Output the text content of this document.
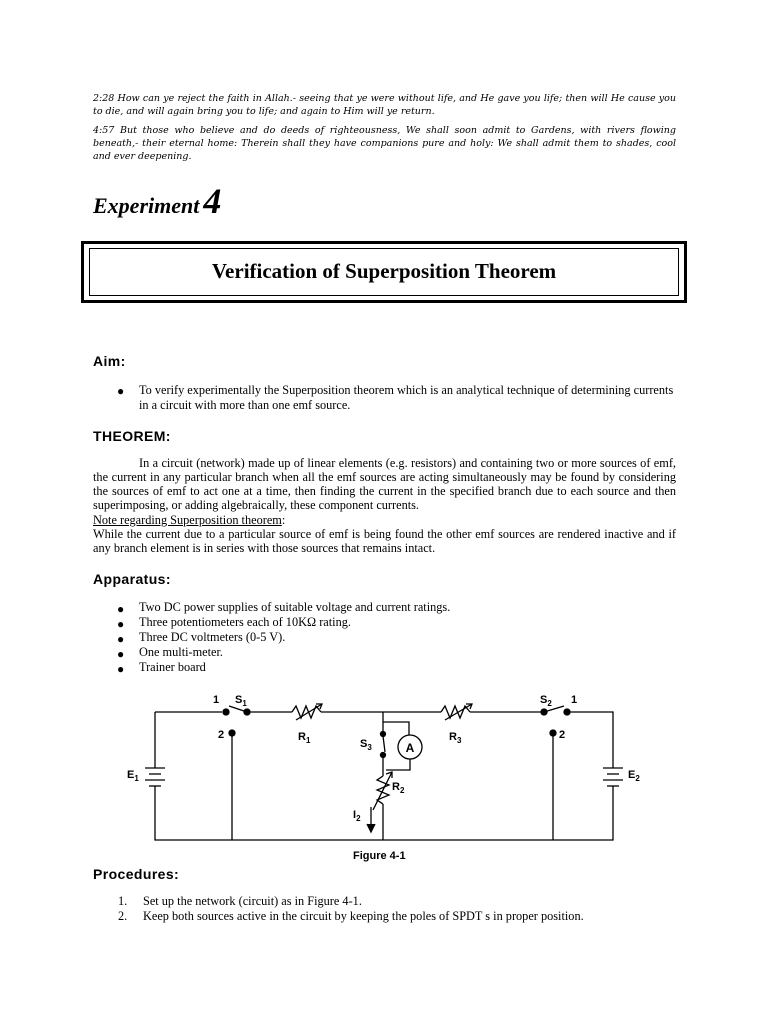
2:28 How can ye reject the faith in Allah.- seeing that ye were without life, and He gave you life; then will He cause you to die, and will again bring you to life; and again to Him will ye return.
4:57 But those who believe and do deeds of righteousness, We shall soon admit to Gardens, with rivers flowing beneath,- their eternal home: Therein shall they have companions pure and holy: We shall admit them to shades, cool and ever deepening.
Experiment 4
Verification of Superposition Theorem
Aim:
● To verify experimentally the Superposition theorem which is an analytical technique of determining currents in a circuit with more than one emf source.
THEOREM:
In a circuit (network) made up of linear elements (e.g. resistors) and containing two or more sources of emf, the current in any particular branch when all the emf sources are acting simultaneously may be found by considering the sources of emf to act one at a time, then finding the current in the specified branch due to each source and then superimposing, or adding algebraically, these component currents.
Note regarding Superposition theorem:
While the current due to a particular source of emf is being found the other emf sources are rendered inactive and if any branch element is in series with those sources that remains intact.
Apparatus:
● Two DC power supplies of suitable voltage and current ratings.
● Three potentiometers each of 10KΩ rating.
● Three DC voltmeters (0-5 V).
● One multi-meter.
● Trainer board
1 $S_1$
2	$R_1$	$S_3$
$R_3$
$S_2$ 1
2
$R_2$
$I_2$
$E_1$	$E_2$
A
Figure 4-1
Procedures:
1. Set up the network (circuit) as in Figure 4-1.
2. Keep both sources active in the circuit by keeping the poles of SPDT s in proper position.
